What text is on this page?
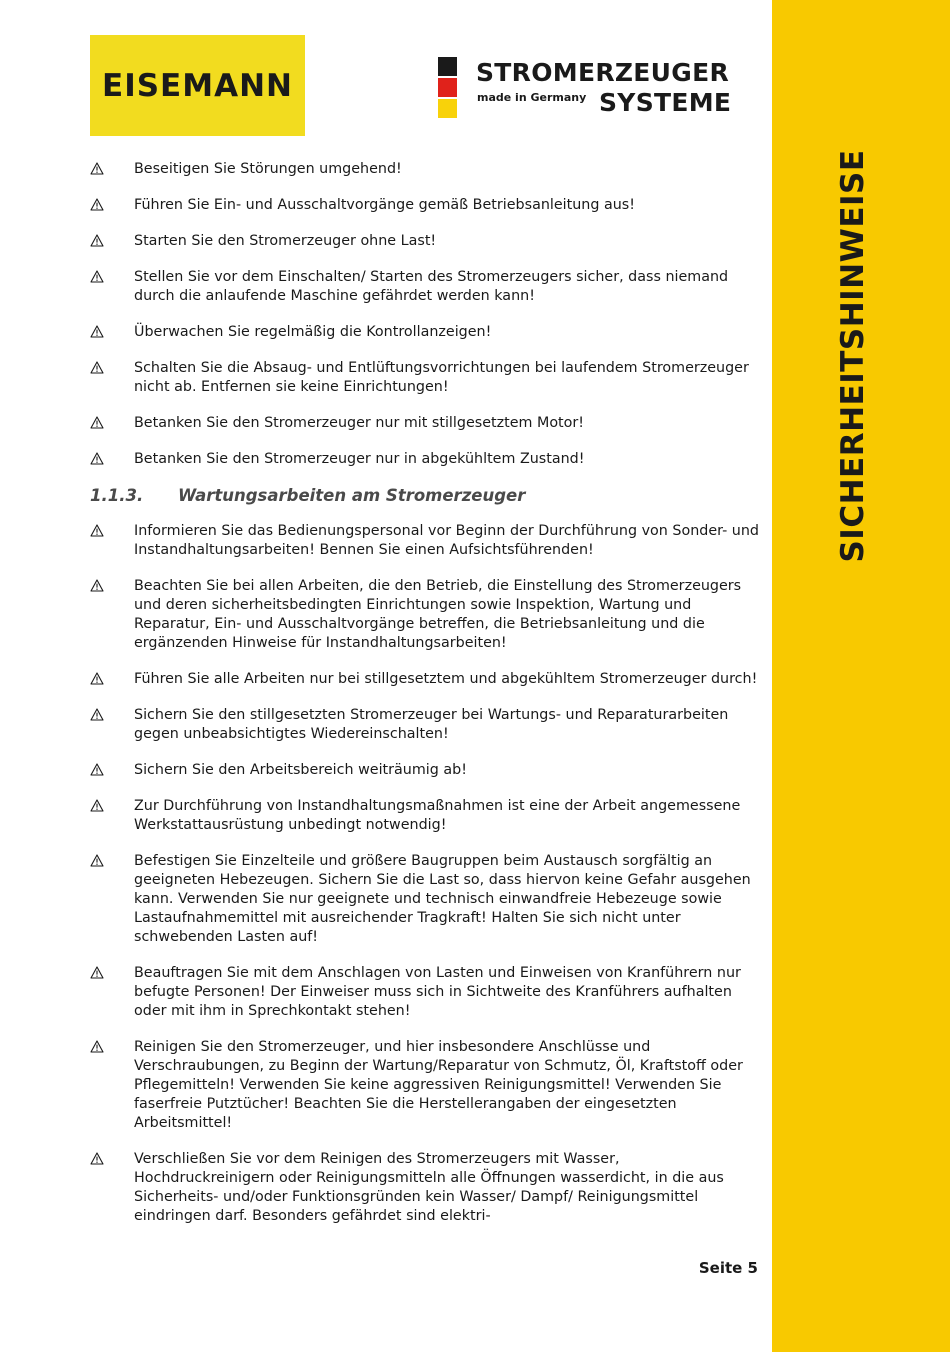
SICHERHEITSHINWEISE
EISEMANN	STROMERZEUGER
made in Germany SYSTEME
Beseitigen Sie Störungen umgehend!
Führen Sie Ein- und Ausschaltvorgänge gemäß Betriebsanleitung aus!
Starten Sie den Stromerzeuger ohne Last!
Stellen Sie vor dem Einschalten/ Starten des Stromerzeugers sicher, dass niemand durch die anlaufende Maschine gefährdet werden kann!
Überwachen Sie regelmäßig die Kontrollanzeigen!
Schalten Sie die Absaug- und Entlüftungsvorrichtungen bei laufendem Stromerzeuger nicht ab. Entfernen sie keine Einrichtungen!
Betanken Sie den Stromerzeuger nur mit stillgesetztem Motor!
Betanken Sie den Stromerzeuger nur in abgekühltem Zustand!
1.1.3.	Wartungsarbeiten am Stromerzeuger
Informieren Sie das Bedienungspersonal vor Beginn der Durchführung von Sonder- und Instandhaltungsarbeiten! Bennen Sie einen Aufsichtsführenden!
Beachten Sie bei allen Arbeiten, die den Betrieb, die Einstellung des Stromerzeugers und deren sicherheitsbedingten Einrichtungen sowie Inspektion, Wartung und Reparatur, Ein- und Ausschaltvorgänge betreffen, die Betriebsanleitung und die ergänzenden Hinweise für Instandhaltungsarbeiten!
Führen Sie alle Arbeiten nur bei stillgesetztem und abgekühltem Stromerzeuger durch!
Sichern Sie den stillgesetzten Stromerzeuger bei Wartungs- und Reparaturarbeiten gegen unbeabsichtigtes Wiedereinschalten!
Sichern Sie den Arbeitsbereich weiträumig ab!
Zur Durchführung von Instandhaltungsmaßnahmen ist eine der Arbeit angemessene Werkstattausrüstung unbedingt notwendig!
Befestigen Sie Einzelteile und größere Baugruppen beim Austausch sorgfältig an geeigneten Hebezeugen. Sichern Sie die Last so, dass hiervon keine Gefahr ausgehen kann. Verwenden Sie nur geeignete und technisch einwandfreie Hebezeuge sowie Lastaufnahmemittel mit ausreichender Tragkraft! Halten Sie sich nicht unter schwebenden Lasten auf!
Beauftragen Sie mit dem Anschlagen von Lasten und Einweisen von Kranführern nur befugte Personen! Der Einweiser muss sich in Sichtweite des Kranführers aufhalten oder mit ihm in Sprechkontakt stehen!
Reinigen Sie den Stromerzeuger, und hier insbesondere Anschlüsse und Verschraubungen, zu Beginn der Wartung/Reparatur von Schmutz, Öl, Kraftstoff oder Pflegemitteln! Verwenden Sie keine aggressiven Reinigungsmittel! Verwenden Sie faserfreie Putztücher! Beachten Sie die Herstellerangaben der eingesetzten Arbeitsmittel!
Verschließen Sie vor dem Reinigen des Stromerzeugers mit Wasser, Hochdruckreinigern oder Reinigungsmitteln alle Öffnungen wasserdicht, in die aus Sicherheits- und/oder Funktionsgründen kein Wasser/ Dampf/ Reinigungsmittel eindringen darf. Besonders gefährdet sind elektri-
Seite 5
